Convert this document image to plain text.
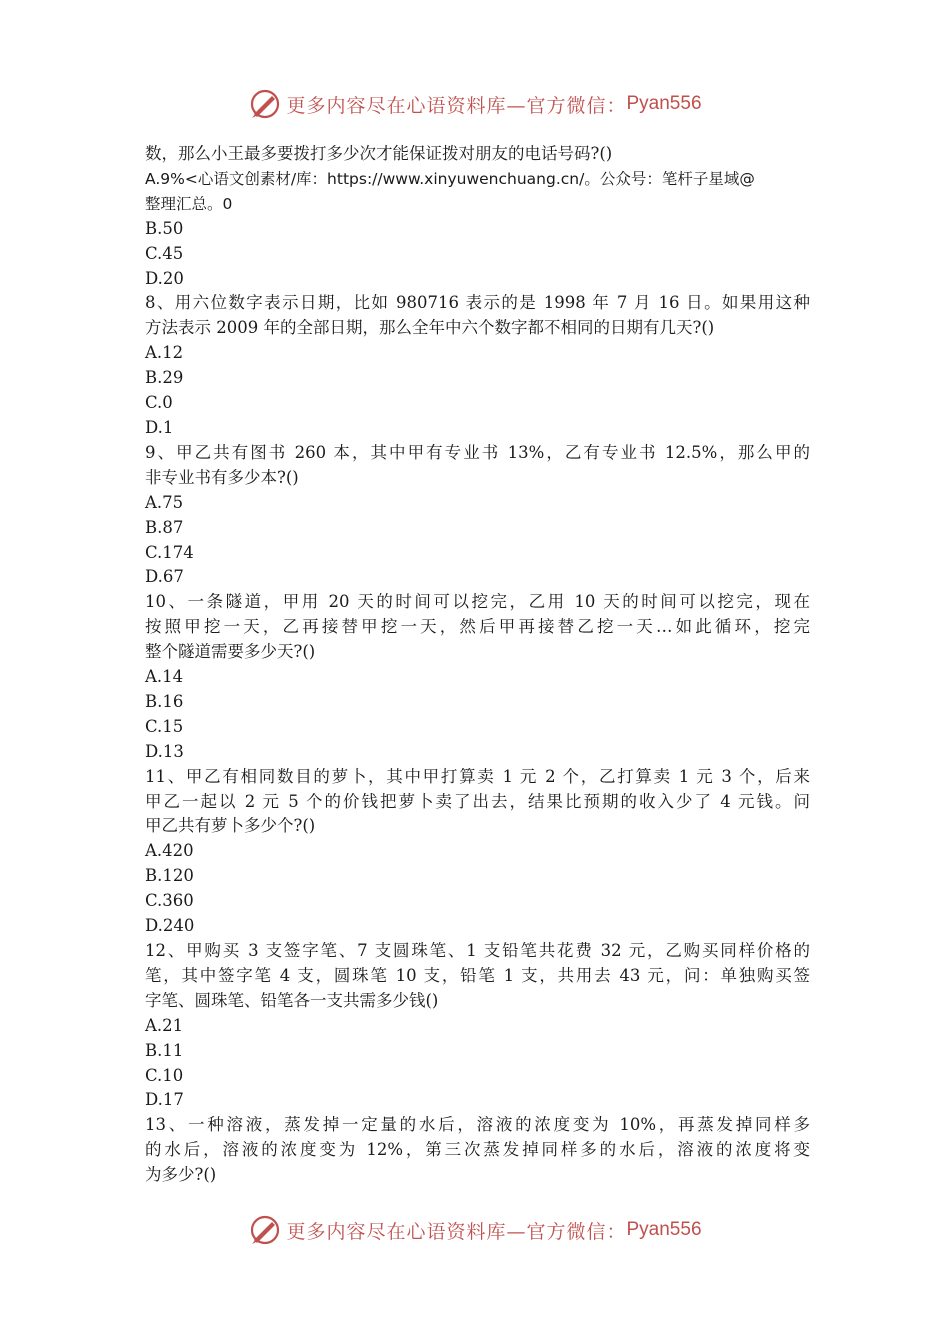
更多内容尽在心语资料库—官方微信： Pyan556
数，那么小王最多要拨打多少次才能保证拨对朋友的电话号码?()
A.9%<心语文创素材/库：https://www.xinyuwenchuang.cn/。公众号：笔杆子星域@
整理汇总。0
B.50
C.45
D.20
8、用六位数字表示日期，比如 980716 表示的是 1998 年 7 月 16 日。如果用这种
方法表示 2009 年的全部日期，那么全年中六个数字都不相同的日期有几天?()
A.12
B.29
C.0
D.1
9、甲乙共有图书 260 本，其中甲有专业书 13%，乙有专业书 12.5%，那么甲的
非专业书有多少本?()
A.75
B.87
C.174
D.67
10、一条隧道，甲用 20 天的时间可以挖完，乙用 10 天的时间可以挖完，现在
按照甲挖一天，乙再接替甲挖一天，然后甲再接替乙挖一天…如此循环，挖完
整个隧道需要多少天?()
A.14
B.16
C.15
D.13
11、甲乙有相同数目的萝卜，其中甲打算卖 1 元 2 个，乙打算卖 1 元 3 个，后来
甲乙一起以 2 元 5 个的价钱把萝卜卖了出去，结果比预期的收入少了 4 元钱。问
甲乙共有萝卜多少个?()
A.420
B.120
C.360
D.240
12、甲购买 3 支签字笔、7 支圆珠笔、1 支铅笔共花费 32 元，乙购买同样价格的
笔，其中签字笔 4 支，圆珠笔 10 支，铅笔 1 支，共用去 43 元，问：单独购买签
字笔、圆珠笔、铅笔各一支共需多少钱()
A.21
B.11
C.10
D.17
13、一种溶液，蒸发掉一定量的水后，溶液的浓度变为 10%，再蒸发掉同样多
的水后，溶液的浓度变为 12%，第三次蒸发掉同样多的水后，溶液的浓度将变
为多少?()
更多内容尽在心语资料库—官方微信： Pyan556
